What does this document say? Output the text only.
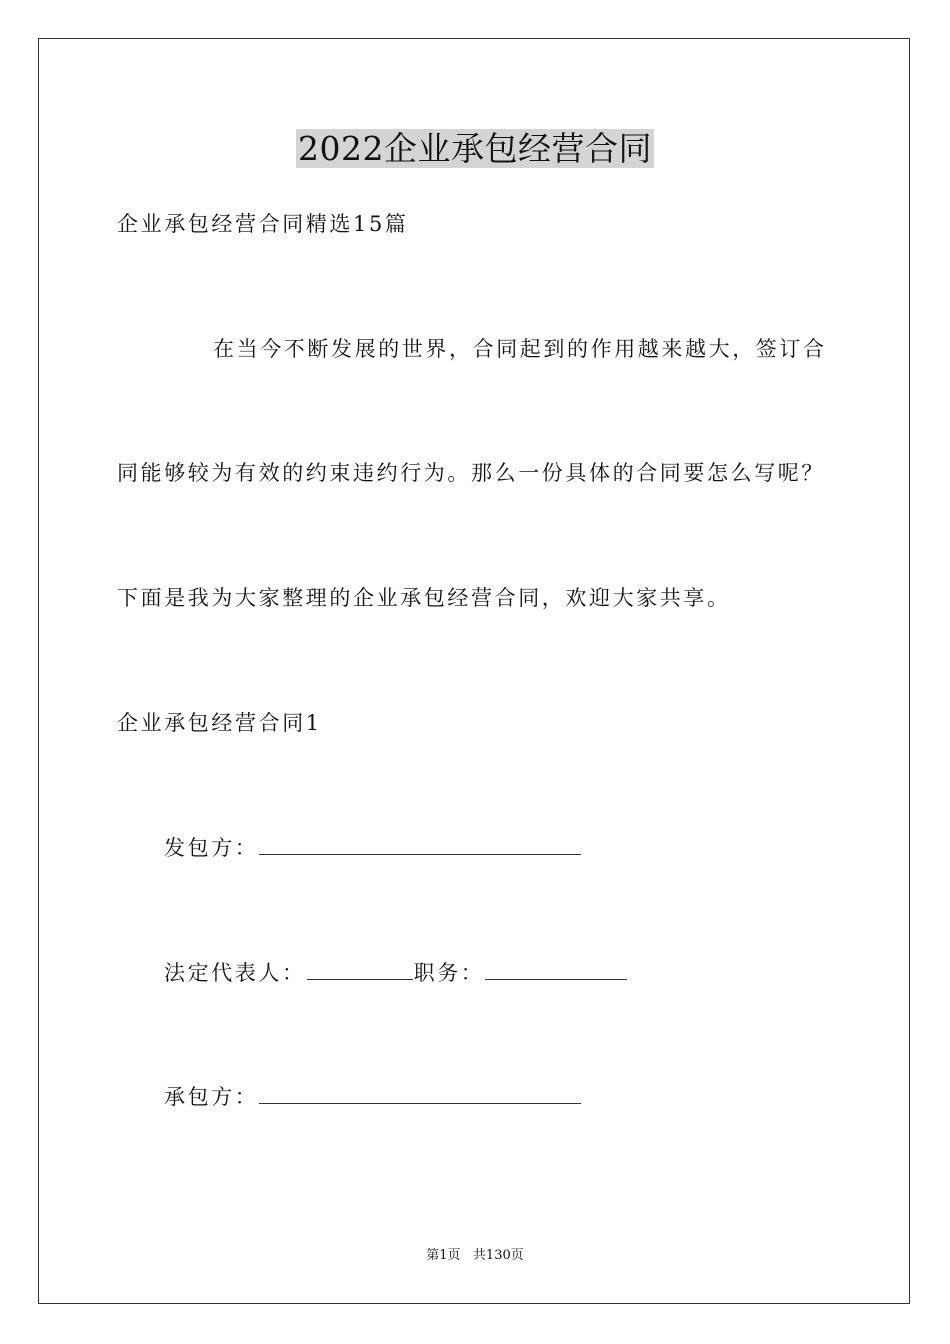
2022企业承包经营合同
企业承包经营合同精选15篇
在当今不断发展的世界，合同起到的作用越来越大，签订合
同能够较为有效的约束违约行为。那么一份具体的合同要怎么写呢？
下面是我为大家整理的企业承包经营合同，欢迎大家共享。
企业承包经营合同1
发包方：
法定代表人：	职务：
承包方：
第1页   共130页
